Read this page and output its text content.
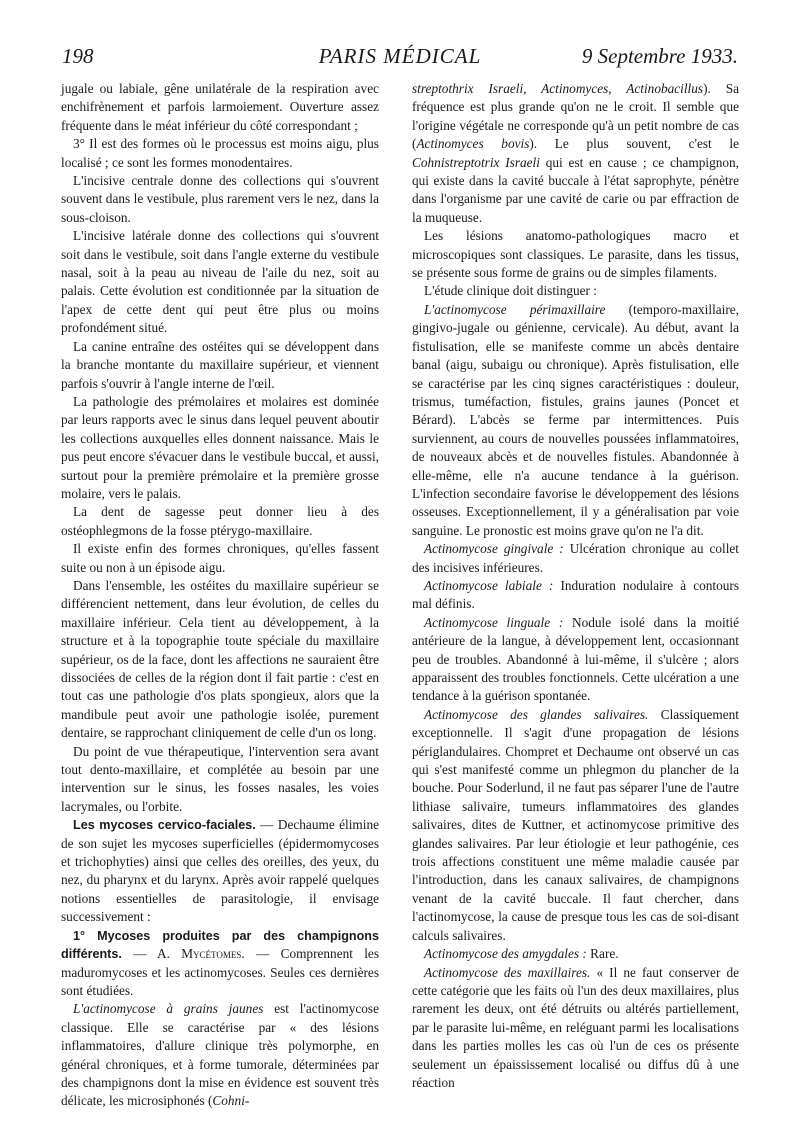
198	PARIS MÉDICAL	9 Septembre 1933.

jugale ou labiale, gêne unilatérale de la respiration avec enchifrènement et parfois larmoiement. Ouverture assez fréquente dans le méat inférieur du côté correspondant ;

3° Il est des formes où le processus est moins aigu, plus localisé ; ce sont les formes monodentaires.

L'incisive centrale donne des collections qui s'ouvrent souvent dans le vestibule, plus rarement vers le nez, dans la sous-cloison.

L'incisive latérale donne des collections qui s'ouvrent soit dans le vestibule, soit dans l'angle externe du vestibule nasal, soit à la peau au niveau de l'aile du nez, soit au palais. Cette évolution est conditionnée par la situation de l'apex de cette dent qui peut être plus ou moins profondément situé.

La canine entraîne des ostéites qui se développent dans la branche montante du maxillaire supérieur, et viennent parfois s'ouvrir à l'angle interne de l'œil.

La pathologie des prémolaires et molaires est dominée par leurs rapports avec le sinus dans lequel peuvent aboutir les collections auxquelles elles donnent naissance. Mais le pus peut encore s'évacuer dans le vestibule buccal, et aussi, surtout pour la première prémolaire et la première grosse molaire, vers le palais.

La dent de sagesse peut donner lieu à des ostéophlegmons de la fosse ptérygo-maxillaire.

Il existe enfin des formes chroniques, qu'elles fassent suite ou non à un épisode aigu.

Dans l'ensemble, les ostéites du maxillaire supérieur se différencient nettement, dans leur évolution, de celles du maxillaire inférieur. Cela tient au développement, à la structure et à la topographie toute spéciale du maxillaire supérieur, os de la face, dont les affections ne sauraient être dissociées de celles de la région dont il fait partie : c'est en tout cas une pathologie d'os plats spongieux, alors que la mandibule peut avoir une pathologie isolée, purement dentaire, se rapprochant cliniquement de celle d'un os long.

Du point de vue thérapeutique, l'intervention sera avant tout dento-maxillaire, et complétée au besoin par une intervention sur le sinus, les fosses nasales, les voies lacrymales, ou l'orbite.

Les mycoses cervico-faciales. — Dechaume élimine de son sujet les mycoses superficielles (épidermomycoses et trichophyties) ainsi que celles des oreilles, des yeux, du nez, du pharynx et du larynx. Après avoir rappelé quelques notions essentielles de parasitologie, il envisage successivement :

1° Mycoses produites par des champignons différents. — A. Mycétomes. — Comprennent les maduromycoses et les actinomycoses. Seules ces dernières sont étudiées.

L'actinomycose à grains jaunes est l'actinomycose classique. Elle se caractérise par « des lésions inflammatoires, d'allure clinique très polymorphe, en général chroniques, et à forme tumorale, déterminées par des champignons dont la mise en évidence est souvent très délicate, les microsiphonés (Cohni-

streptothrix Israeli, Actinomyces, Actinobacillus). Sa fréquence est plus grande qu'on ne le croit. Il semble que l'origine végétale ne corresponde qu'à un petit nombre de cas (Actinomyces bovis). Le plus souvent, c'est le Cohnistreptotrix Israeli qui est en cause ; ce champignon, qui existe dans la cavité buccale à l'état saprophyte, pénètre dans l'organisme par une cavité de carie ou par effraction de la muqueuse.

Les lésions anatomo-pathologiques macro et microscopiques sont classiques. Le parasite, dans les tissus, se présente sous forme de grains ou de simples filaments.

L'étude clinique doit distinguer :

L'actinomycose périmaxillaire (temporo-maxillaire, gingivo-jugale ou génienne, cervicale). Au début, avant la fistulisation, elle se manifeste comme un abcès dentaire banal (aigu, subaigu ou chronique). Après fistulisation, elle se caractérise par les cinq signes caractéristiques : douleur, trismus, tuméfaction, fistules, grains jaunes (Poncet et Bérard). L'abcès se ferme par intermittences. Puis surviennent, au cours de nouvelles poussées inflammatoires, de nouveaux abcès et de nouvelles fistules. Abandonnée à elle-même, elle n'a aucune tendance à la guérison. L'infection secondaire favorise le développement des lésions osseuses. Exceptionnellement, il y a généralisation par voie sanguine. Le pronostic est moins grave qu'on ne l'a dit.

Actinomycose gingivale : Ulcération chronique au collet des incisives inférieures.

Actinomycose labiale : Induration nodulaire à contours mal définis.

Actinomycose linguale : Nodule isolé dans la moitié antérieure de la langue, à développement lent, occasionnant peu de troubles. Abandonné à lui-même, il s'ulcère ; alors apparaissent des troubles fonctionnels. Cette ulcération a une tendance à la guérison spontanée.

Actinomycose des glandes salivaires. Classiquement exceptionnelle. Il s'agit d'une propagation de lésions périglandulaires. Chompret et Dechaume ont observé un cas qui s'est manifesté comme un phlegmon du plancher de la bouche. Pour Soderlund, il ne faut pas séparer l'une de l'autre lithiase salivaire, tumeurs inflammatoires des glandes salivaires, dites de Kuttner, et actinomycose primitive des glandes salivaires. Par leur étiologie et leur pathogénie, ces trois affections constituent une même maladie causée par l'introduction, dans les canaux salivaires, de champignons venant de la cavité buccale. Il faut chercher, dans l'actinomycose, la cause de presque tous les cas de soi-disant calculs salivaires.

Actinomycose des amygdales : Rare.

Actinomycose des maxillaires. « Il ne faut conserver de cette catégorie que les faits où l'un des deux maxillaires, plus rarement les deux, ont été détruits ou altérés partiellement, par le parasite lui-même, en reléguant parmi les localisations dans les parties molles les cas où l'un de ces os présente seulement un épaississement localisé ou diffus dû à une réaction
